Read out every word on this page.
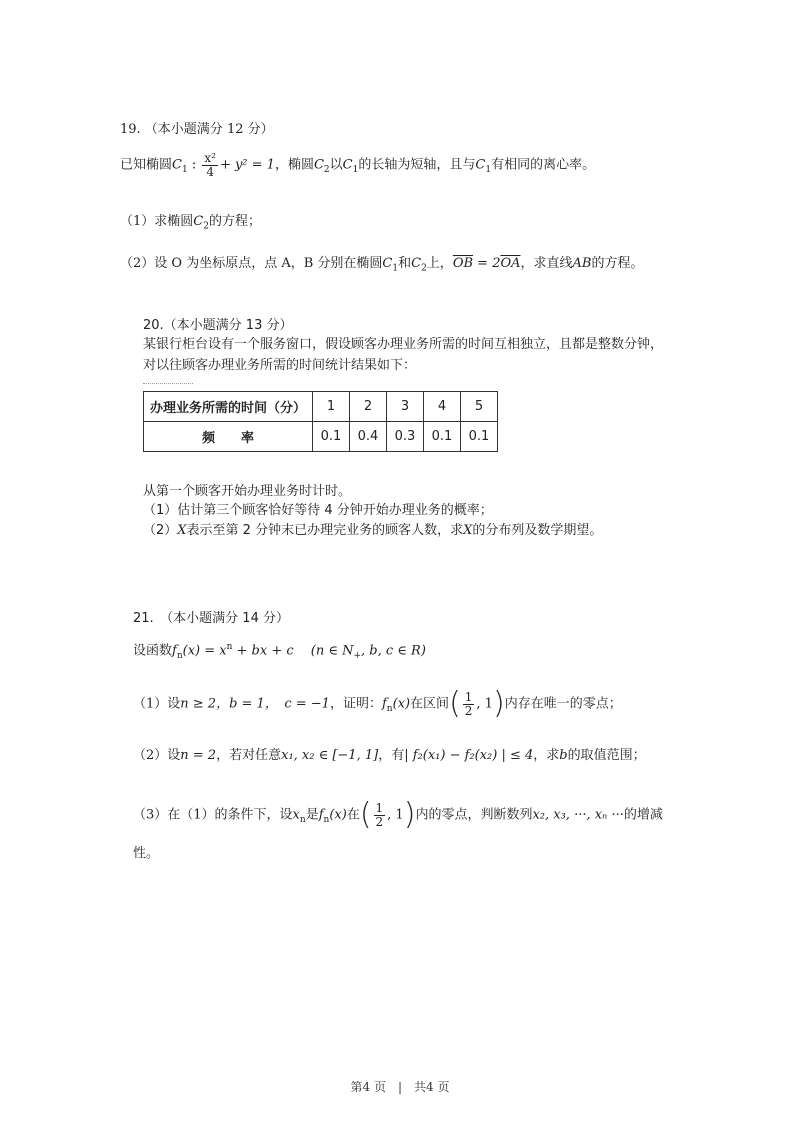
19. （本小题满分 12 分）
已知椭圆$C_1$ : $\frac{\text{x²}}{4} + y^2 = 1$，椭圆$C_2$以$C_1$的长轴为短轴，且与$C_1$有相同的离心率。
（1）求椭圆$C_2$的方程；
（2）设 O 为坐标原点，点 A，B 分别在椭圆$C_1$和$C_2$上，$\overline{OB} = 2\overline{OA}$，求直线AB的方程。
20.（本小题满分 13 分）
某银行柜台设有一个服务窗口，假设顾客办理业务所需的时间互相独立，且都是整数分钟，
对以往顾客办理业务所需的时间统计结果如下：
办理业务所需的时间（分）	1	2	3	4	5
频　　率	0.1	0.4	0.3	0.1	0.1
从第一个顾客开始办理业务时计时。
（1）估计第三个顾客恰好等待 4 分钟开始办理业务的概率；
（2）X表示至第 2 分钟末已办理完业务的顾客人数，求X的分布列及数学期望。
21.　（本小题满分 14 分）
设函数$f_n(x) = x^n$ + bx + c　 (n ∈ $N_+$, b, c ∈ R)
（1）设n ≥ 2，b = 1，　c = −1，证明：$f_n(x)$在区间( $\frac{1}{2}$ , 1)内存在唯一的零点；
（2）设n = 2，若对任意x₁, x₂ ∈ [−1, 1]，有| f₂(x₁) − f₂(x₂) | ≤ 4，求b的取值范围；
（3）在（1）的条件下，设$x_n$是$f_n(x)$在( $\frac{1}{2}$ , 1)内的零点，判断数列x₂, x₃, ···, xₙ ···的增减
性。
第4 页　|　共4 页
